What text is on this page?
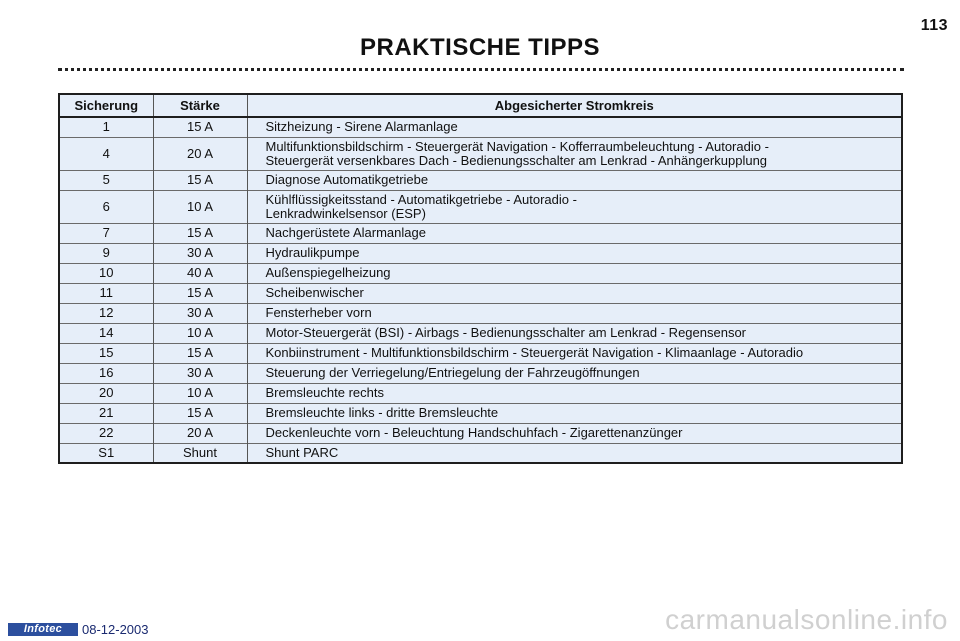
113
PRAKTISCHE TIPPS
Sicherung	Stärke	Abgesicherter Stromkreis
1	15 A	Sitzheizung - Sirene Alarmanlage

4	20 A	Multifunktionsbildschirm - Steuergerät Navigation - Kofferraumbeleuchtung - Autoradio -
Steuergerät versenkbares Dach - Bedienungsschalter am Lenkrad - Anhängerkupplung

5	15 A	Diagnose Automatikgetriebe

6	10 A	Kühlflüssigkeitsstand - Automatikgetriebe - Autoradio -
Lenkradwinkelsensor (ESP)

7	15 A	Nachgerüstete Alarmanlage

9	30 A	Hydraulikpumpe

10	40 A	Außenspiegelheizung

11	15 A	Scheibenwischer

12	30 A	Fensterheber vorn

14	10 A	Motor-Steuergerät (BSI) - Airbags - Bedienungsschalter am Lenkrad - Regensensor

15	15 A	Konbiinstrument - Multifunktionsbildschirm - Steuergerät Navigation - Klimaanlage - Autoradio

16	30 A	Steuerung der Verriegelung/Entriegelung der Fahrzeugöffnungen

20	10 A	Bremsleuchte rechts

21	15 A	Bremsleuchte links - dritte Bremsleuchte

22	20 A	Deckenleuchte vorn - Beleuchtung Handschuhfach - Zigarettenanzünger

S1	Shunt	Shunt PARC
Infotec	08-12-2003	carmanualsonline.info
